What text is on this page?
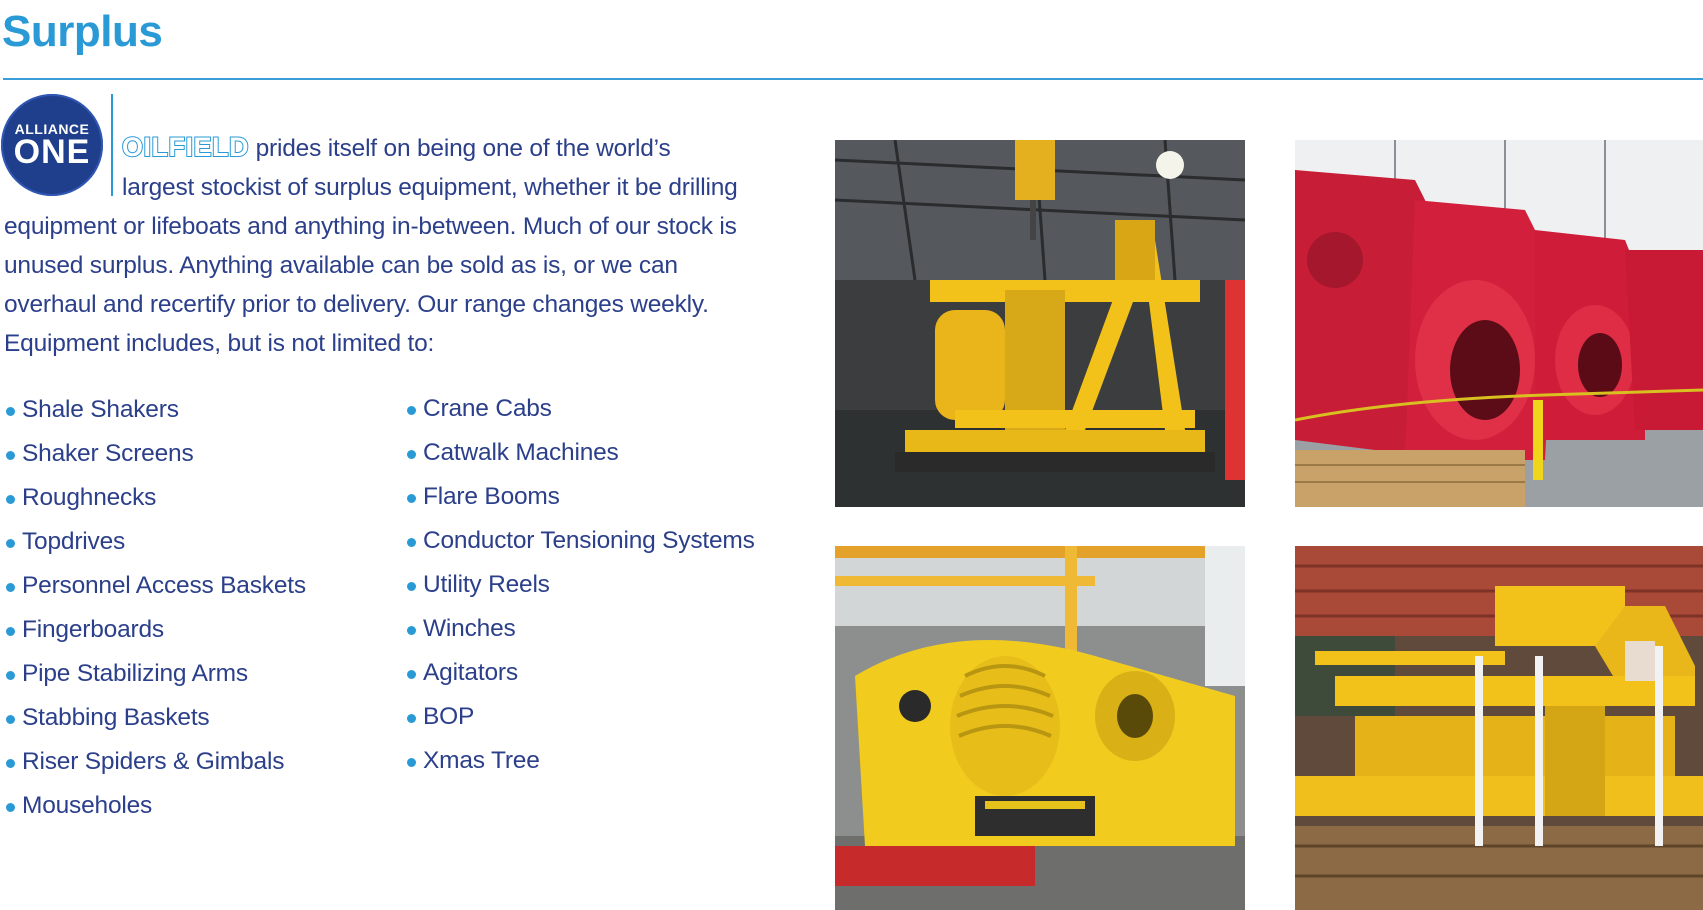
Surplus
ALLIANCE
ONE	OILFIELD prides itself on being one of the world’s
largest stockist of surplus equipment, whether it be drilling
equipment or lifeboats and anything in-between. Much of our stock is unused surplus. Anything available can be sold as is, or we can overhaul and recertify prior to delivery. Our range changes weekly. Equipment includes, but is not limited to:
Shale Shakers
Shaker Screens
Roughnecks
Topdrives
Personnel Access Baskets
Fingerboards
Pipe Stabilizing Arms
Stabbing Baskets
Riser Spiders & Gimbals
Mouseholes
Crane Cabs
Catwalk Machines
Flare Booms
Conductor Tensioning Systems
Utility Reels
Winches
Agitators
BOP
Xmas Tree
